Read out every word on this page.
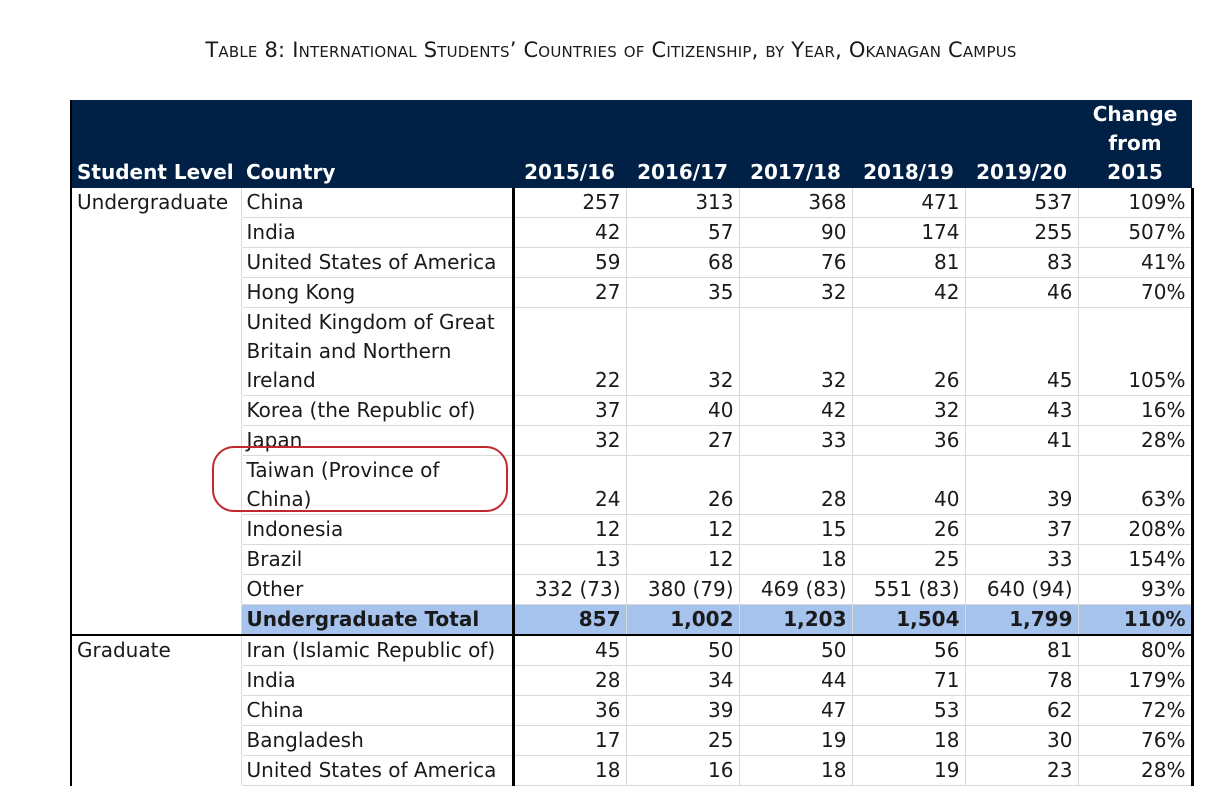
Table 8: International Students’ Countries of Citizenship, by Year, Okanagan Campus
Student Level	Country	2015/16	2016/17	2017/18	2018/19	2019/20	Change
from
2015

Undergraduate	China	257	313	368	471	537	109%
	India	42	57	90	174	255	507%
	United States of America	59	68	76	81	83	41%
	Hong Kong	27	35	32	42	46	70%
	United Kingdom of Great Britain and Northern Ireland	22	32	32	26	45	105%
	Korea (the Republic of)	37	40	42	32	43	16%
	Japan	32	27	33	36	41	28%
	Taiwan (Province of China)	24	26	28	40	39	63%
	Indonesia	12	12	15	26	37	208%
	Brazil	13	12	18	25	33	154%
	Other	332 (73)	380 (79)	469 (83)	551 (83)	640 (94)	93%
	Undergraduate Total	857	1,002	1,203	1,504	1,799	110%
Graduate	Iran (Islamic Republic of)	45	50	50	56	81	80%
	India	28	34	44	71	78	179%
	China	36	39	47	53	62	72%
	Bangladesh	17	25	19	18	30	76%
	United States of America	18	16	18	19	23	28%
